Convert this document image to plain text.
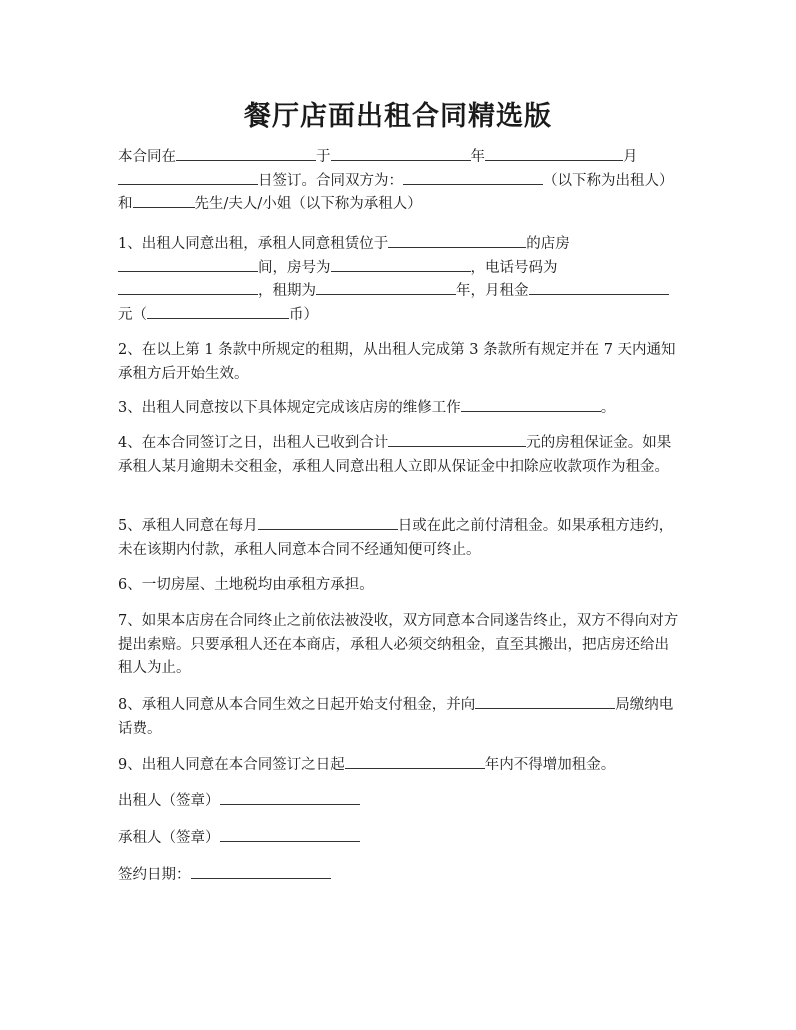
餐厅店面出租合同精选版
本合同在	于	年	月
日签订。合同双方为：	（以下称为出租人）和	先生/夫人/小姐（以下称为承租人）
1、出租人同意出租，承租人同意租赁位于	的店房
间，房号为	，电话号码为
，租期为	年，月租金
元（	币）
2、在以上第 1 条款中所规定的租期，从出租人完成第 3 条款所有规定并在 7 天内通知承租方后开始生效。
3、出租人同意按以下具体规定完成该店房的维修工作	。
4、在本合同签订之日，出租人已收到合计	元的房租保证金。如果承租人某月逾期未交租金，承租人同意出租人立即从保证金中扣除应收款项作为租金。
5、承租人同意在每月	日或在此之前付清租金。如果承租方违约，未在该期内付款，承租人同意本合同不经通知便可终止。
6、一切房屋、土地税均由承租方承担。
7、如果本店房在合同终止之前依法被没收，双方同意本合同遂告终止，双方不得向对方提出索赔。只要承租人还在本商店，承租人必须交纳租金，直至其搬出，把店房还给出租人为止。
8、承租人同意从本合同生效之日起开始支付租金，并向	局缴纳电话费。
9、出租人同意在本合同签订之日起	年内不得增加租金。
出租人（签章）
承租人（签章）
签约日期：
